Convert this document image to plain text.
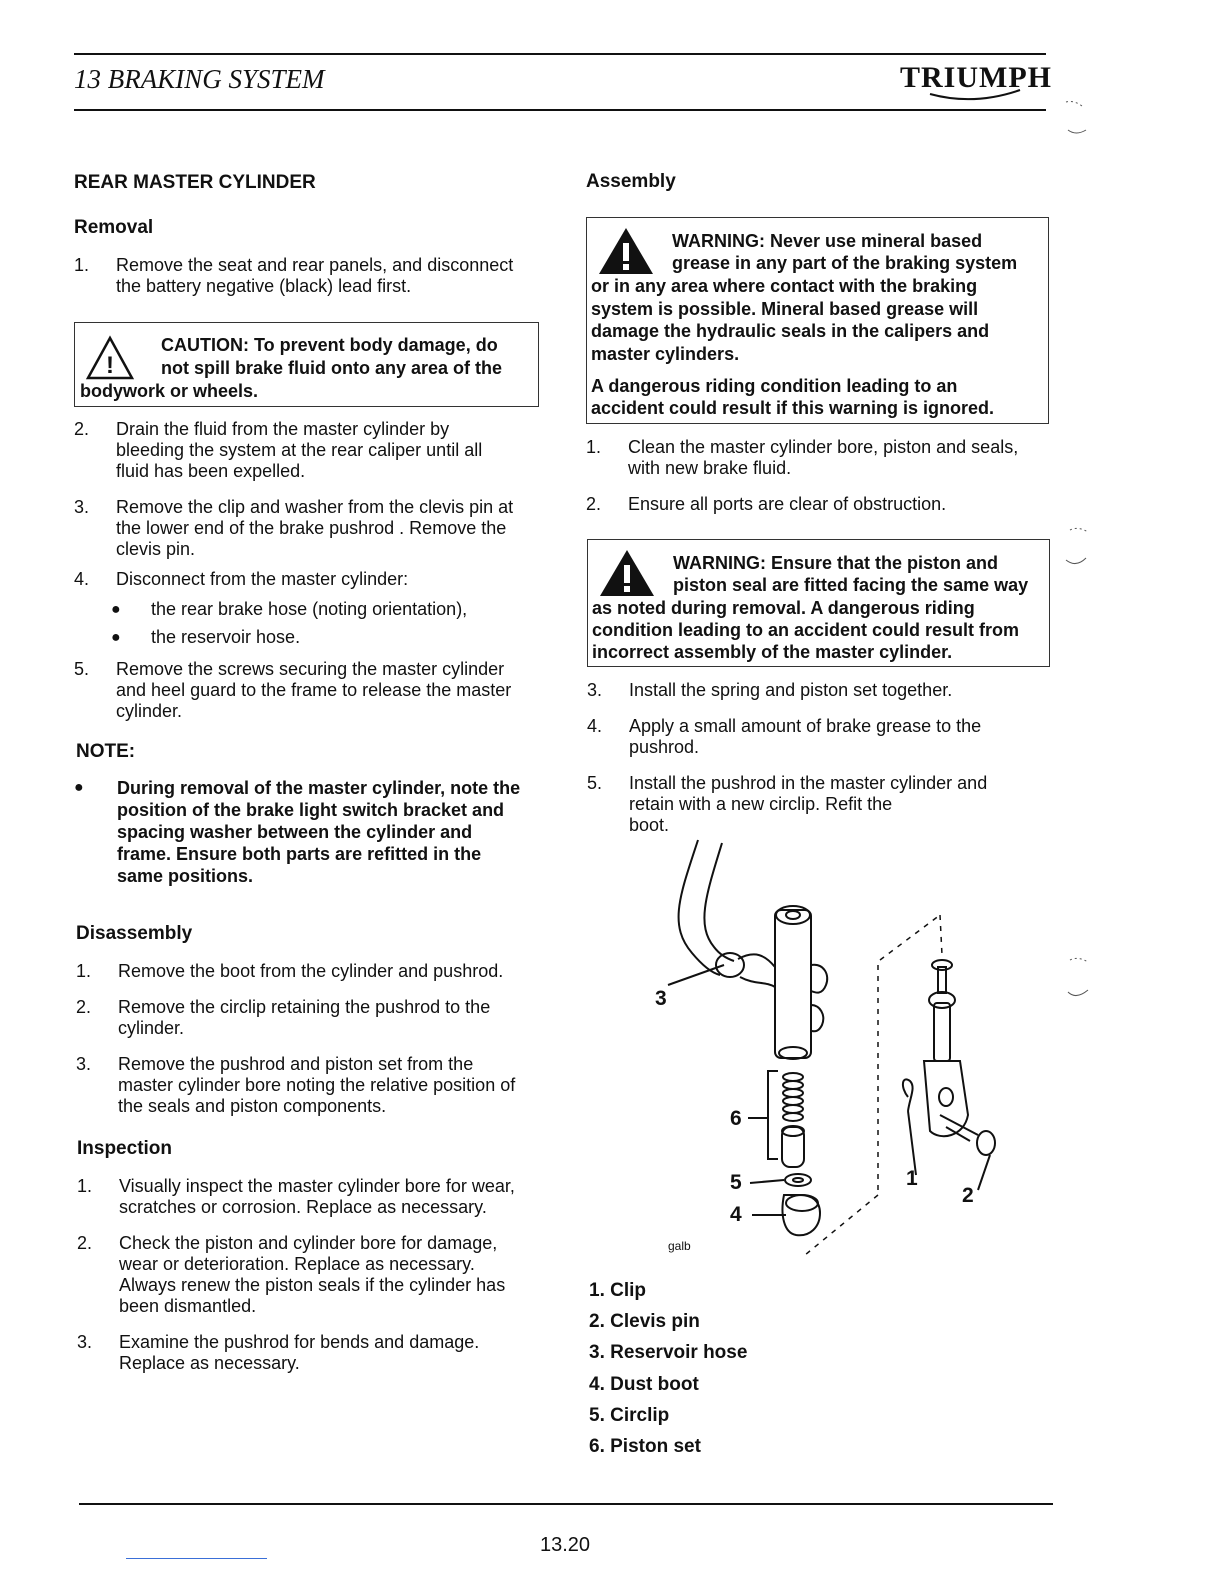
13 BRAKING SYSTEM	TRIUMPH
REAR MASTER CYLINDER
Removal
1. Remove the seat and rear panels, and disconnect
the battery negative (black) lead first.
!
CAUTION: To prevent body damage, do
not spill brake fluid onto any area of the
bodywork or wheels.
2. Drain the fluid from the master cylinder by
bleeding the system at the rear caliper until all
fluid has been expelled.
3. Remove the clip and washer from the clevis pin at
the lower end of the brake pushrod . Remove the
clevis pin.
4. Disconnect from the master cylinder:
● the rear brake hose (noting orientation),
● the reservoir hose.
5. Remove the screws securing the master cylinder
and heel guard to the frame to release the master
cylinder.
NOTE:
● During removal of the master cylinder, note the
position of the brake light switch bracket and
spacing washer between the cylinder and
frame. Ensure both parts are refitted in the
same positions.
Disassembly
1. Remove the boot from the cylinder and pushrod.
2. Remove the circlip retaining the pushrod to the
cylinder.
3. Remove the pushrod and piston set from the
master cylinder bore noting the relative position of
the seals and piston components.
Inspection
1. Visually inspect the master cylinder bore for wear,
scratches or corrosion. Replace as necessary.
2. Check the piston and cylinder bore for damage,
wear or deterioration. Replace as necessary.
Always renew the piston seals if the cylinder has
been dismantled.
3. Examine the pushrod for bends and damage.
Replace as necessary.
Assembly
WARNING: Never use mineral based
grease in any part of the braking system
or in any area where contact with the braking
system is possible. Mineral based grease will
damage the hydraulic seals in the calipers and
master cylinders.
A dangerous riding condition leading to an
accident could result if this warning is ignored.
1. Clean the master cylinder bore, piston and seals,
with new brake fluid.
2. Ensure all ports are clear of obstruction.
WARNING: Ensure that the piston and
piston seal are fitted facing the same way
as noted during removal. A dangerous riding
condition leading to an accident could result from
incorrect assembly of the master cylinder.
3. Install the spring and piston set together.
4. Apply a small amount of brake grease to the
pushrod.
5. Install the pushrod in the master cylinder and
retain with a new circlip. Refit the
boot.
3
6
5
4
1
2
galb
1. Clip
2. Clevis pin
3. Reservoir hose
4. Dust boot
5. Circlip
6. Piston set
13.20
